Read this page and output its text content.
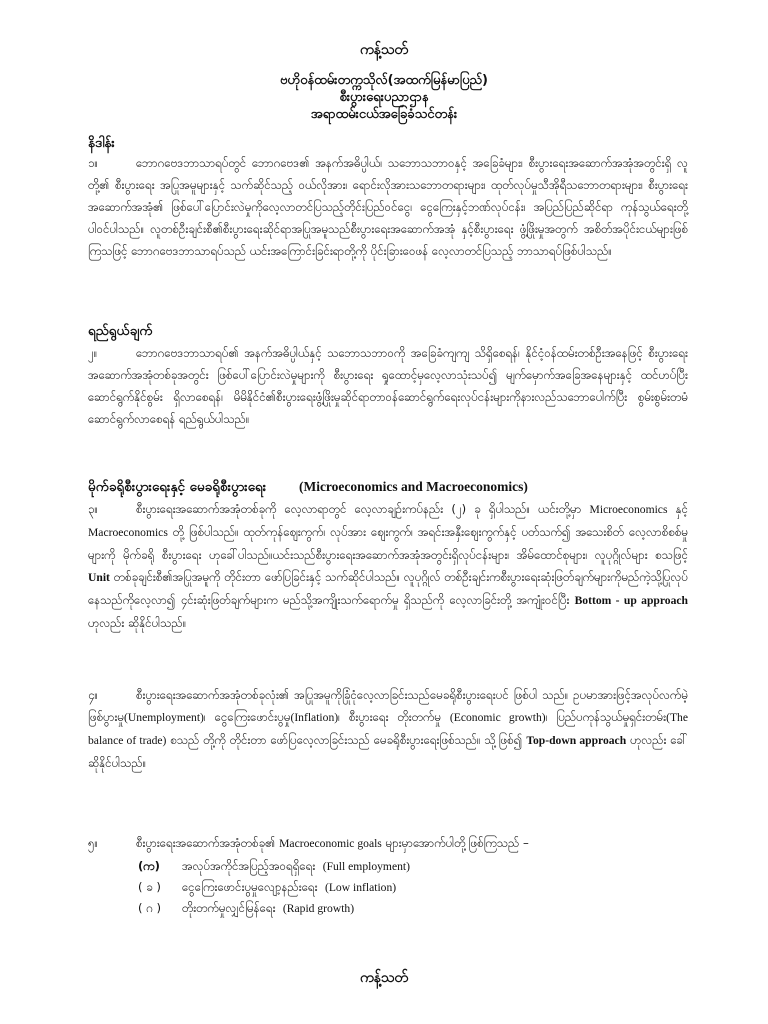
ကန့်သတ်
ဗဟိုဝန်ထမ်းတက္ကသိုလ်(အထက်မြန်မာပြည်)
စီးပွားရေးပညာဌာန
အရာထမ်းငယ်အခြေခံသင်တန်း
နိဒါန်း

၁။	ဘောဂဗေဒဘာသာရပ်တွင် ဘောဂဗေဒ၏ အနက်အဓိပ္ပါယ်၊ သဘောသဘာဝနှင့် အခြေခံများ၊ စီးပွားရေးအဆောက်အအုံအတွင်းရှိ လူတို့၏ စီးပွားရေး အပြုအမူများနှင့် သက်ဆိုင်သည့် ဝယ်လိုအား၊ ရောင်းလိုအားသဘောတရားများ၊ ထုတ်လုပ်မှုသီအိုရီသဘောတရားများ၊ စီးပွားရေးအဆောက်အအုံ၏ ဖြစ်ပေါ်ပြောင်းလဲမှုကိုလေ့လာတင်ပြသည့်တိုင်းပြည်ဝင်ငွေ၊ ငွေကြေးနှင့်ဘဏ်လုပ်ငန်း၊ အပြည်ပြည်ဆိုင်ရာ ကုန်သွယ်ရေးတို့ပါဝင်ပါသည်။ လူတစ်ဦးချင်းစီ၏စီးပွားရေးဆိုင်ရာအပြုအမူသည်စီးပွားရေးအဆောက်အအုံ နှင့်စီးပွားရေး ဖွံ့ဖြိုးမှုအတွက် အစိတ်အပိုင်းငယ်များဖြစ်ကြသဖြင့် ဘောဂဗေဒဘာသာရပ်သည် ယင်းအကြောင်းခြင်းရာတို့ကို ပိုင်းခြားဝေဖန် လေ့လာတင်ပြသည့် ဘာသာရပ်ဖြစ်ပါသည်။

ရည်ရွယ်ချက်

၂။	ဘောဂဗေဒဘာသာရပ်၏ အနက်အဓိပ္ပါယ်နှင့် သဘောသဘာဝကို အခြေခံကျကျ သိရှိစေရန်၊ နိုင်ငံ့ဝန်ထမ်းတစ်ဦးအနေဖြင့် စီးပွားရေးအဆောက်အအုံတစ်ခုအတွင်း ဖြစ်ပေါ်ပြောင်းလဲမှုများကို စီးပွားရေး ရှုထောင့်မှလေ့လာသုံးသပ်၍ မျက်မှောက်အခြေအနေများနှင့် ထင်ဟပ်ပြီးဆောင်ရွက်နိုင်စွမ်း ရှိလာစေရန်၊ မိမိနိုင်ငံ၏စီးပွားရေးဖွံ့ဖြိုးမှုဆိုင်ရာတာဝန်ဆောင်ရွက်ရေးလုပ်ငန်းများကိုနားလည်သဘောပေါက်ပြီး စွမ်းစွမ်းတမံ ဆောင်ရွက်လာစေရန် ရည်ရွယ်ပါသည်။

မိုက်ခရိုစီးပွားရေးနှင့် မေခရိုစီးပွားရေး (Microeconomics and Macroeconomics)

၃။	စီးပွားရေးအဆောက်အအုံတစ်ခုကို လေ့လာရာတွင် လေ့လာချဉ်းကပ်နည်း (၂) ခု ရှိပါသည်။ ယင်းတို့မှာ Microeconomics နှင့် Macroeconomics တို့ ဖြစ်ပါသည်။ ထုတ်ကုန်ဈေးကွက်၊ လုပ်အား ဈေးကွက်၊ အရင်းအနှီးဈေးကွက်နှင့် ပတ်သက်၍ အသေးစိတ် လေ့လာစိစစ်မှုများကို မိုက်ခရို စီးပွားရေး ဟုခေါ်ပါသည်။ယင်းသည်စီးပွားရေးအဆောက်အအုံအတွင်းရှိလုပ်ငန်းများ၊ အိမ်ထောင်စုများ၊ လူပုဂ္ဂိုလ်များ စသဖြင့် Unit တစ်ခုချင်းစီ၏အပြုအမူကို တိုင်းတာ ဖော်ပြခြင်းနှင့် သက်ဆိုင်ပါသည်။ လူပုဂ္ဂိုလ် တစ်ဦးချင်းကစီးပွားရေးဆုံးဖြတ်ချက်များကိုမည်ကဲ့သို့ပြုလုပ်နေသည်ကိုလေ့လာ၍ ၄င်းဆုံးဖြတ်ချက်များက မည်သို့အကျိုးသက်ရောက်မှု ရှိသည်ကို လေ့လာခြင်းတို့ အကျုံးဝင်ပြီး Bottom - up approach ဟုလည်း ဆိုနိုင်ပါသည်။

၄။	စီးပွားရေးအဆောက်အအုံတစ်ခုလုံး၏ အပြုအမူကိုခြုံငုံလေ့လာခြင်းသည်မေခရိုစီးပွားရေးပင် ဖြစ်ပါ သည်။ ဥပမာအားဖြင့်အလုပ်လက်မဲ့ဖြစ်ပွားမှု(Unemployment)၊ ငွေကြေးဖောင်းပွမှု(Inflation)၊ စီးပွားရေး တိုးတက်မှု (Economic growth)၊ ပြည်ပကုန်သွယ်မှုရှင်းတမ်း(The balance of trade) စသည် တို့ကို တိုင်းတာ ဖော်ပြလေ့လာခြင်းသည် မေခရိုစီးပွားရေးဖြစ်သည်။ သို့ဖြစ်၍ Top-down approach ဟုလည်း ခေါ်ဆိုနိုင်ပါသည်။

၅။	စီးပွားရေးအဆောက်အအုံတစ်ခု၏ Macroeconomic goals များမှာအောက်ပါတို့ဖြစ်ကြသည် –

(က) အလုပ်အကိုင်အပြည့်အဝရရှိရေး (Full employment)
( ခ ) ငွေကြေးဖောင်းပွမှုလျော့နည်းရေး (Low inflation)
( ဂ ) တိုးတက်မှုလျှင်မြန်ရေး (Rapid growth)
ကန့်သတ်
